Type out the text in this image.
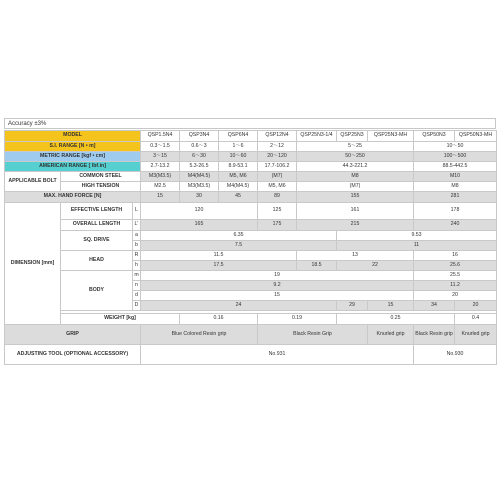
Accuracy ±3%
MODEL			QSP1.5N4	QSP3N4	QSP6N4	QSP12N4	QSP25N3-1/4	QSP25N3	QSP25N3-MH	QSP50N3	QSP50N3-MH
S.I. RANGE [N • m]			0.3〜1.5	0.6〜3	1〜6	2〜12	5〜25			10〜50	
METRIC RANGE [kgf • cm]			3〜15	6〜30	10〜60	20〜120	50〜250			100〜500	
AMERICAN RANGE [ lbf.in]			2.7-13.2	5.3-26.5	8.9-53.1	17.7-106.2	44.3-221.2			88.5-442.5	
APPLICABLE BOLT	COMMON STEEL		M3(M3.5)	M4(M4.5)	M5, M6	(M7)	M8			M10	
	HIGH TENSION		M2.5	M3(M3.5)	M4(M4.5)	M5, M6	(M7)			M8	
MAX. HAND FORCE [N]			15	30	45	89	155			281	
DIMENSION [mm]	EFFECTIVE LENGTH	L	120			125	161			178	
	OVERALL LENGTH	L'	165			175	215			240	
	SQ. DRIVE	a	6.35					9.53			
		b	7.5					11			
	HEAD	R	11.5				13			16	
		h	17.5				18.5	22		25.6	
	BODY	m	19							25.5	
		n	9.2							11.2	
		d	15							20	
		D	24					29	15	34	20

	WEIGHT [kg]			0.16		0.19		0.25			0.4
GRIP			Blue Colored Resin grip			Black Resin Grip			Knurled grip	Black Resin grip	Knurled grip
ADJUSTING TOOL (OPTIONAL ACCESSORY)			No.931							No.930	
